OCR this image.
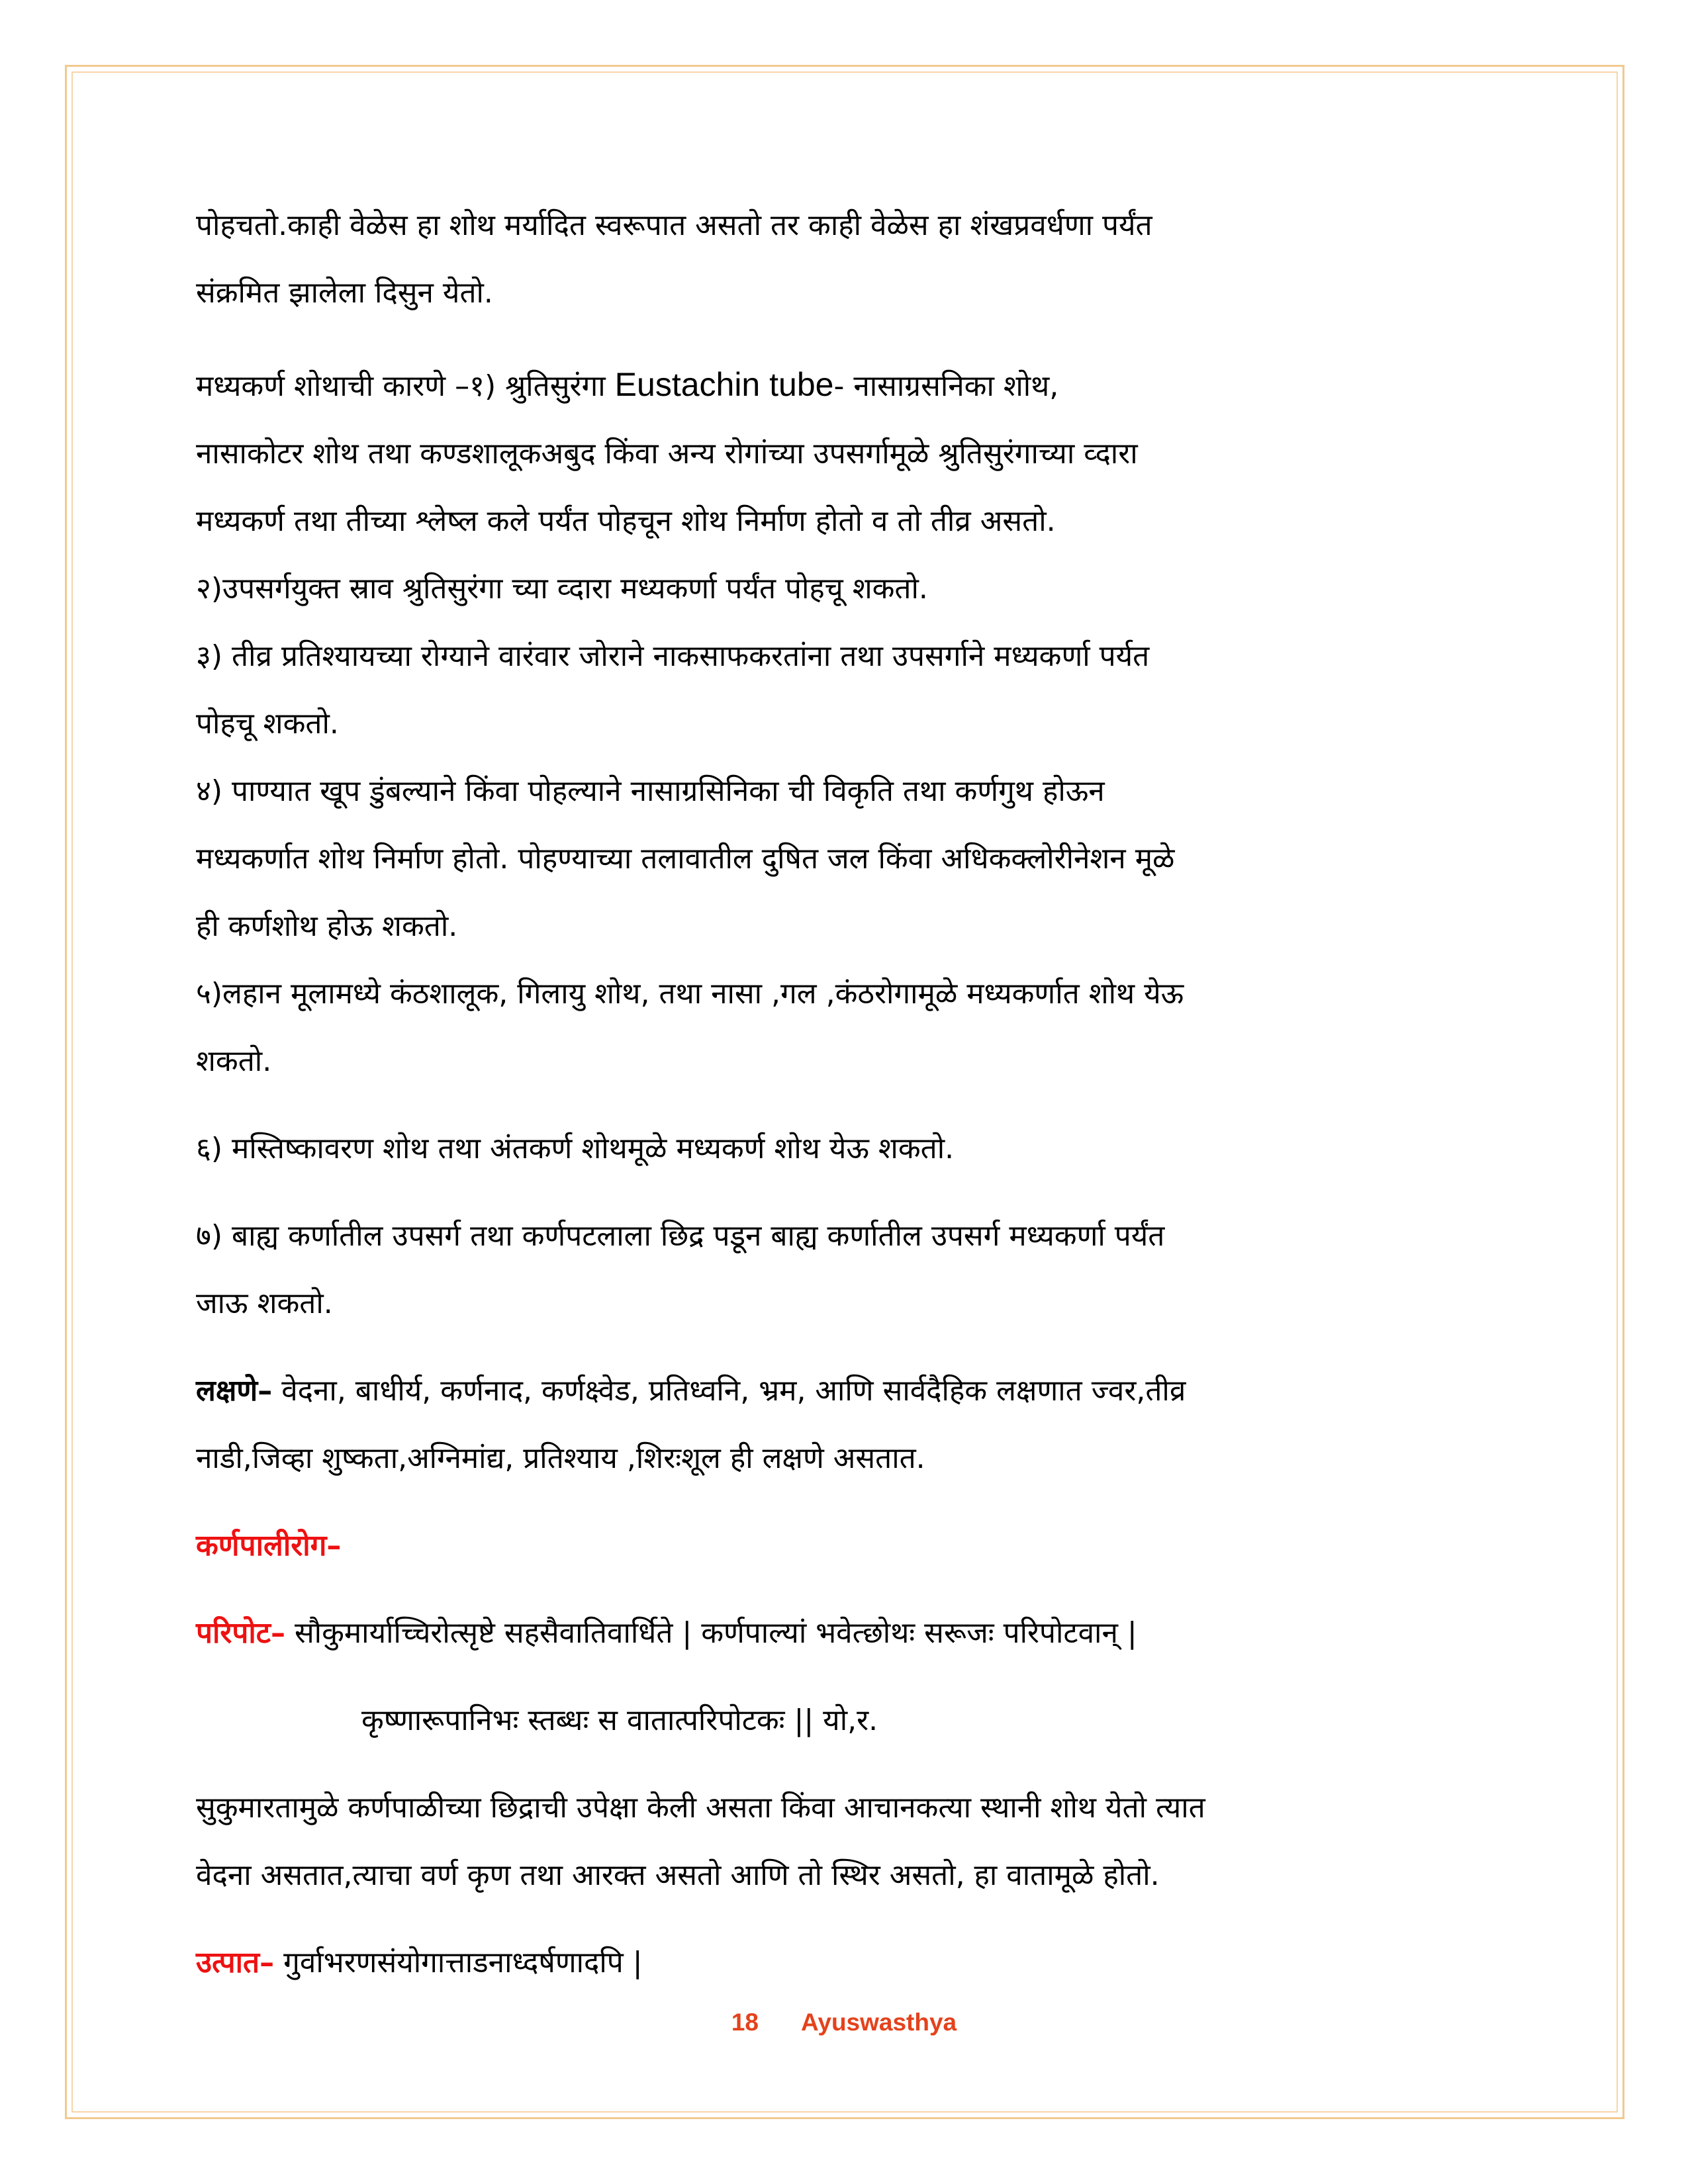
पोहचतो.काही वेळेस हा शोथ मर्यादित स्वरूपात असतो तर काही वेळेस हा शंखप्रवर्धणा पर्यंत

संक्रमित झालेला दिसुन येतो.

मध्यकर्ण शोथाची कारणे –१) श्रुतिसुरंगा Eustachin tube- नासाग्रसनिका शोथ,

नासाकोटर शोथ तथा कण्डशालूकअबुद किंवा अन्य रोगांच्या उपसर्गामूळे श्रुतिसुरंगाच्या व्दारा

मध्यकर्ण तथा तीच्या श्लेष्ल कले पर्यंत पोहचून शोथ निर्माण होतो व तो तीव्र असतो.

२)उपसर्गयुक्त स्राव श्रुतिसुरंगा च्या व्दारा मध्यकर्णा पर्यंत पोहचू शकतो.

३) तीव्र प्रतिश्यायच्या रोग्याने वारंवार जोराने नाकसाफकरतांना तथा उपसर्गाने मध्यकर्णा पर्यत

पोहचू शकतो.

४) पाण्यात खूप डुंबल्याने किंवा पोहल्याने नासाग्रसिनिका ची विकृति तथा कर्णगुथ होऊन

मध्यकर्णात शोथ निर्माण होतो. पोहण्याच्या तलावातील दुषित जल किंवा अधिकक्लोरीनेशन मूळे

ही कर्णशोथ होऊ शकतो.

५)लहान मूलामध्ये कंठशालूक, गिलायु शोथ, तथा नासा ,गल ,कंठरोगामूळे मध्यकर्णात शोथ येऊ

शकतो.

६) मस्तिष्कावरण शोथ तथा अंतकर्ण शोथमूळे मध्यकर्ण शोथ येऊ शकतो.

७) बाह्य कर्णातील उपसर्ग तथा कर्णपटलाला छिद्र पडून बाह्य कर्णातील उपसर्ग मध्यकर्णा पर्यंत

जाऊ शकतो.

लक्षणे– वेदना, बाधीर्य, कर्णनाद, कर्णक्ष्वेड, प्रतिध्वनि, भ्रम, आणि सार्वदैहिक लक्षणात ज्वर,तीव्र

नाडी,जिव्हा शुष्कता,अग्निमांद्य, प्रतिश्याय ,शिरःशूल ही लक्षणे असतात.

कर्णपालीरोग–

परिपोट– सौकुमार्याच्चिरोत्सृष्टे सहसैवातिवार्धिते | कर्णपाल्यां भवेत्छोथः सरूजः परिपोटवान् |

कृष्णारूपानिभः स्तब्धः स वातात्परिपोटकः || यो,र.

सुकुमारतामुळे कर्णपाळीच्या छिद्राची उपेक्षा केली असता किंवा आचानकत्या स्थानी शोथ येतो त्यात

वेदना असतात,त्याचा वर्ण कृण तथा आरक्त असतो आणि तो स्थिर असतो, हा वातामूळे होतो.

उत्पात– गुर्वाभरणसंयोगात्ताडनाध्दर्षणादपि |

18 Ayuswasthya
